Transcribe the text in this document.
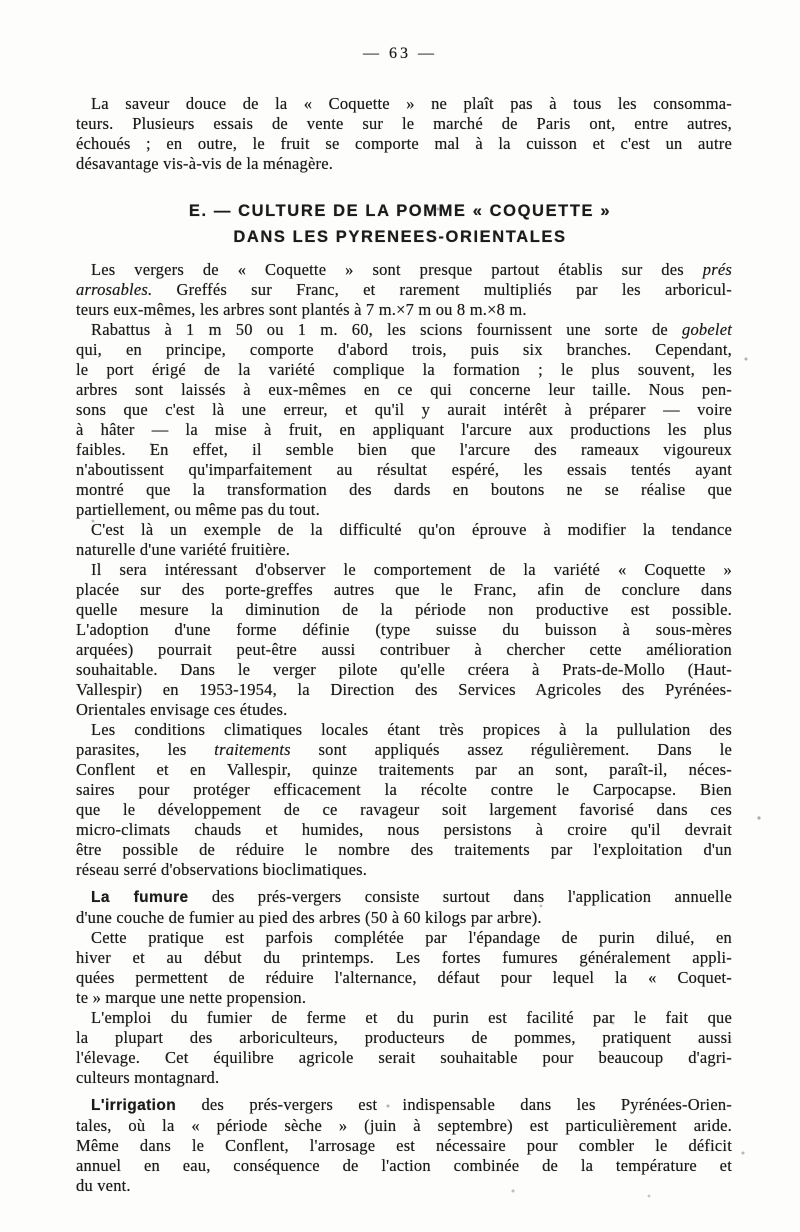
— 63 —
La saveur douce de la « Coquette » ne plaît pas à tous les consomma-
teurs. Plusieurs essais de vente sur le marché de Paris ont, entre autres,
échoués ; en outre, le fruit se comporte mal à la cuisson et c'est un autre
désavantage vis-à-vis de la ménagère.
E. — CULTURE DE LA POMME « COQUETTE »
DANS LES PYRENEES-ORIENTALES
Les vergers de « Coquette » sont presque partout établis sur des prés
arrosables. Greffés sur Franc, et rarement multipliés par les arboricul-
teurs eux-mêmes, les arbres sont plantés à 7 m.×7 m ou 8 m.×8 m.
Rabattus à 1 m 50 ou 1 m. 60, les scions fournissent une sorte de gobelet
qui, en principe, comporte d'abord trois, puis six branches. Cependant,
le port érigé de la variété complique la formation ; le plus souvent, les
arbres sont laissés à eux-mêmes en ce qui concerne leur taille. Nous pen-
sons que c'est là une erreur, et qu'il y aurait intérêt à préparer — voire
à hâter — la mise à fruit, en appliquant l'arcure aux productions les plus
faibles. En effet, il semble bien que l'arcure des rameaux vigoureux
n'aboutissent qu'imparfaitement au résultat espéré, les essais tentés ayant
montré que la transformation des dards en boutons ne se réalise que
partiellement, ou même pas du tout.
C'est là un exemple de la difficulté qu'on éprouve à modifier la tendance
naturelle d'une variété fruitière.
Il sera intéressant d'observer le comportement de la variété « Coquette »
placée sur des porte-greffes autres que le Franc, afin de conclure dans
quelle mesure la diminution de la période non productive est possible.
L'adoption d'une forme définie (type suisse du buisson à sous-mères
arquées) pourrait peut-être aussi contribuer à chercher cette amélioration
souhaitable. Dans le verger pilote qu'elle créera à Prats-de-Mollo (Haut-
Vallespir) en 1953-1954, la Direction des Services Agricoles des Pyrénées-
Orientales envisage ces études.
Les conditions climatiques locales étant très propices à la pullulation des
parasites, les traitements sont appliqués assez régulièrement. Dans le
Conflent et en Vallespir, quinze traitements par an sont, paraît-il, néces-
saires pour protéger efficacement la récolte contre le Carpocapse. Bien
que le développement de ce ravageur soit largement favorisé dans ces
micro-climats chauds et humides, nous persistons à croire qu'il devrait
être possible de réduire le nombre des traitements par l'exploitation d'un
réseau serré d'observations bioclimatiques.
La fumure des prés-vergers consiste surtout dans l'application annuelle
d'une couche de fumier au pied des arbres (50 à 60 kilogs par arbre).
Cette pratique est parfois complétée par l'épandage de purin dilué, en
hiver et au début du printemps. Les fortes fumures généralement appli-
quées permettent de réduire l'alternance, défaut pour lequel la « Coquet-
te » marque une nette propension.
L'emploi du fumier de ferme et du purin est facilité par le fait que
la plupart des arboriculteurs, producteurs de pommes, pratiquent aussi
l'élevage. Cet équilibre agricole serait souhaitable pour beaucoup d'agri-
culteurs montagnard.
L'irrigation des prés-vergers est indispensable dans les Pyrénées-Orien-
tales, où la « période sèche » (juin à septembre) est particulièrement aride.
Même dans le Conflent, l'arrosage est nécessaire pour combler le déficit
annuel en eau, conséquence de l'action combinée de la température et
du vent.
